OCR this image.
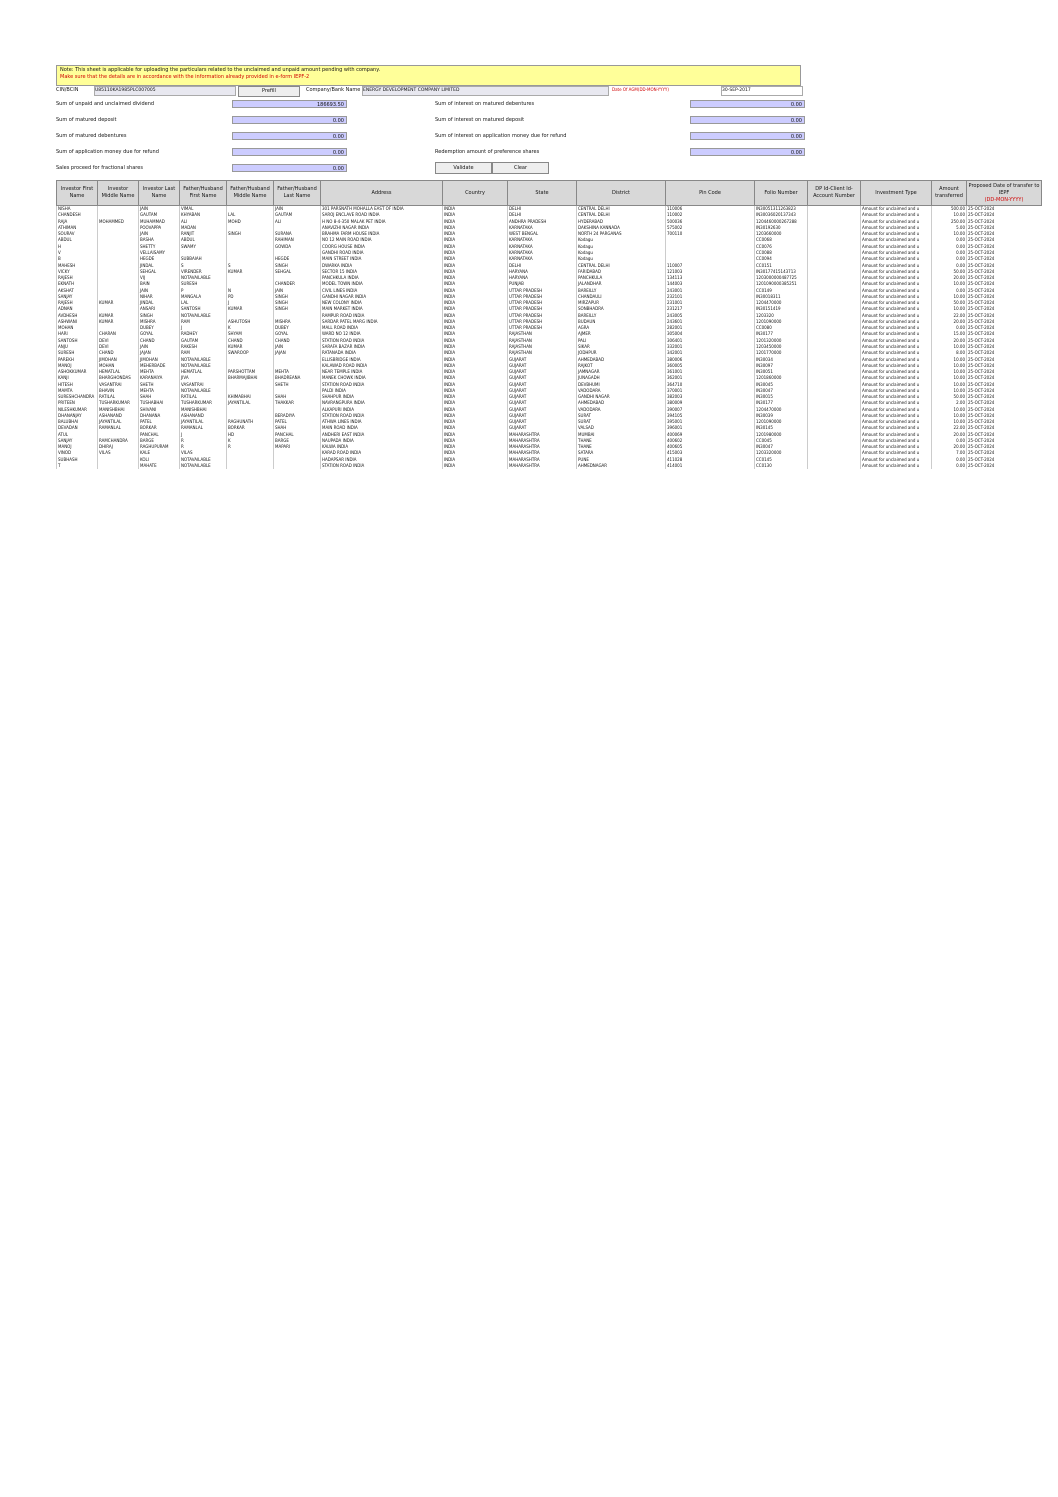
Note: This sheet is applicable for uploading the particulars related to the unclaimed and unpaid amount pending with company.
Make sure that the details are in accordance with the information already provided in e-form IEPF-2
CIN/BCIN	U85110KA1985PLC007005	Prefill	Company/Bank Name ENERGY DEVELOPMENT COMPANY LIMITED	Date Of AGM(DD-MON-YYYY)	30-SEP-2017
Sum of unpaid and unclaimed dividend	186693.50	Sum of interest on matured debentures	0.00
Sum of matured deposit	0.00	Sum of interest on matured deposit	0.00
Sum of matured debentures	0.00	Sum of interest on application money due for refund	0.00
Sum of application money due for refund	0.00	Redemption amount of preference shares	0.00
Sales proceed for fractional shares	0.00	Validate	Clear
Investor First Name	Investor Middle Name	Investor Last Name	Father/Husband First Name	Father/Husband Middle Name	Father/Husband Last Name	Address	Country	State	District	Pin Code	Folio Number	DP Id-Client Id-Account Number	Investment Type	Amount transferred	Proposed Date of transfer to IEPF
(DD-MON-YYYY)
NISHA		JAIN	VIMAL		JAIN	301 PARSNATH MOHALLA EAST OF INDIA	INDIA	DELHI	CENTRAL DELHI	110006	IN30051311263823		Amount for unclaimed and u	500.00	25-OCT-2024
CHANDESH		GAUTAM	KHYABAN	LAL	GAUTAM	SAROJ ENCLAVE ROAD INDIA	INDIA	DELHI	CENTRAL DELHI	110002	IN30036020137343		Amount for unclaimed and u	10.00	25-OCT-2024
RAJA	MOHAMMED	MUHAMMAD	ALI	MOHD	ALI	H NO 8-4-350 MALAK PET INDIA	INDIA	ANDHRA PRADESH	HYDERABAD	500036	1204460000267288		Amount for unclaimed and u	250.00	25-OCT-2024
ATHIMAN		POOVAPPA	MADAN			ANAVIZHI NAGAR INDIA	INDIA	KARNATAKA	DAKSHINA KANNADA	575002	IN30192630		Amount for unclaimed and u	5.00	25-OCT-2024
SOURAV		JAIN	RANJIT	SINGH	SURANA	BRAHMA FARM HOUSE INDIA	INDIA	WEST BENGAL	NORTH 24 PARGANAS	700110	1203660000		Amount for unclaimed and u	10.00	25-OCT-2024
ABDUL		BASHA	ABDUL		RAHIMAN	NO 12 MAIN ROAD INDIA	INDIA	KARNATAKA	Kodagu		CC0068		Amount for unclaimed and u	0.00	25-OCT-2024
H		SHETTY	SWAMY		GOWDA	COORG HOUSE INDIA	INDIA	KARNATAKA	Kodagu		CC0076		Amount for unclaimed and u	0.00	25-OCT-2024
V		VELLAISAMY				GANDHI ROAD INDIA	INDIA	KARNATAKA	Kodagu		CC0088		Amount for unclaimed and u	0.00	25-OCT-2024
B		HEGDE	SUBBAIAH		HEGDE	MAIN STREET INDIA	INDIA	KARNATAKA	Kodagu		CC0094		Amount for unclaimed and u	0.00	25-OCT-2024
MAHESH		JINDAL	S	S	SINGH	DWARKA INDIA	INDIA	DELHI	CENTRAL DELHI	110007	CC0151		Amount for unclaimed and u	0.00	25-OCT-2024
VICKY		SEHGAL	VIRENDER	KUMAR	SEHGAL	SECTOR 15 INDIA	INDIA	HARYANA	FARIDABAD	121003	IN30177415143713		Amount for unclaimed and u	50.00	25-OCT-2024
RAJESH		VIJ	NOTAVAILABLE			PANCHKULA INDIA	INDIA	HARYANA	PANCHKULA	134113	1203000000487725		Amount for unclaimed and u	20.00	25-OCT-2024
EKNATH		BAIN	SURESH		CHANDER	MODEL TOWN INDIA	INDIA	PUNJAB	JALANDHAR	144003	1201090000385251		Amount for unclaimed and u	10.00	25-OCT-2024
AKSHAT		JAIN	P	N	JAIN	CIVIL LINES INDIA	INDIA	UTTAR PRADESH	BAREILLY	243001	CC0149		Amount for unclaimed and u	0.00	25-OCT-2024
SANJAY		NIHAR	MANGALA	PD	SINGH	GANDHI NAGAR INDIA	INDIA	UTTAR PRADESH	CHANDAULI	232101	IN30018311		Amount for unclaimed and u	10.00	25-OCT-2024
RAJESH	KUMAR	JINDAL	LAL	J	SINGH	NEW COLONY INDIA	INDIA	UTTAR PRADESH	MIRZAPUR	231001	1204470000		Amount for unclaimed and u	50.00	25-OCT-2024
ADNAN		ANSARI	SANTOSH	KUMAR	SINGH	MAIN MARKET INDIA	INDIA	UTTAR PRADESH	SONBHADRA	231217	IN30151419		Amount for unclaimed and u	10.00	25-OCT-2024
AVDHESH	KUMAR	SINGH	NOTAVAILABLE			RAMPUR ROAD INDIA	INDIA	UTTAR PRADESH	BAREILLY	243005	1203320		Amount for unclaimed and u	22.00	25-OCT-2024
ASHWANI	KUMAR	MISHRA	RAM	ASHUTOSH	MISHRA	SARDAR PATEL MARG INDIA	INDIA	UTTAR PRADESH	BUDAUN	243601	1201090000		Amount for unclaimed and u	20.00	25-OCT-2024
MOHAN		DUBEY	J	K	DUBEY	MALL ROAD INDIA	INDIA	UTTAR PRADESH	AGRA	282001	CC0080		Amount for unclaimed and u	0.00	25-OCT-2024
HARI	CHARAN	GOYAL	RADHEY	SHYAM	GOYAL	WARD NO 12 INDIA	INDIA	RAJASTHAN	AJMER	305004	IN30177		Amount for unclaimed and u	15.00	25-OCT-2024
SANTOSH	DEVI	CHAND	GAUTAM	CHAND	CHAND	STATION ROAD INDIA	INDIA	RAJASTHAN	PALI	306401	1201320000		Amount for unclaimed and u	20.00	25-OCT-2024
ANJU	DEVI	JAIN	RAKESH	KUMAR	JAIN	SARAFA BAZAR INDIA	INDIA	RAJASTHAN	SIKAR	332001	1203450000		Amount for unclaimed and u	10.00	25-OCT-2024
SURESH	CHAND	JAJAN	RAM	SWAROOP	JAJAN	RATANADA INDIA	INDIA	RAJASTHAN	JODHPUR	342001	1201770000		Amount for unclaimed and u	8.00	25-OCT-2024
PAREKH	JIMOHAN	JIMOHAN	NOTAVAILABLE			ELLISBRIDGE INDIA	INDIA	GUJARAT	AHMEDABAD	380006	IN30034		Amount for unclaimed and u	10.00	25-OCT-2024
MANOJ	MOHAN	MEHERBADE	NOTAVAILABLE			KALAWAD ROAD INDIA	INDIA	GUJARAT	RAJKOT	360005	IN30097		Amount for unclaimed and u	10.00	25-OCT-2024
ASHOKKUMAR	HEMATLAL	MEHTA	HEMATLAL	PARSHOTTAM	MEHTA	NEAR TEMPLE INDIA	INDIA	GUJARAT	JAMNAGAR	361001	IN30051		Amount for unclaimed and u	10.00	25-OCT-2024
KANJI	BHARGHONDAS	KARANAIYA	JIVA	BHARMAJIBHAI	BHADREANA	MANEK CHOWK INDIA	INDIA	GUJARAT	JUNAGADH	362001	1201860000		Amount for unclaimed and u	10.00	25-OCT-2024
HITESH	VASANTRAI	SHETH	VASANTRAI		SHETH	STATION ROAD INDIA	INDIA	GUJARAT	DEVBHUMI	364710	IN30045		Amount for unclaimed and u	10.00	25-OCT-2024
MAMTA	BHAVIN	MEHTA	NOTAVAILABLE			PALDI INDIA	INDIA	GUJARAT	VADODARA	370001	IN30047		Amount for unclaimed and u	10.00	25-OCT-2024
SURESHCHANDRA	RATILAL	SHAH	RATILAL	KHIMABHAI	SHAH	SHAHPUR INDIA	INDIA	GUJARAT	GANDHI NAGAR	382003	IN30015		Amount for unclaimed and u	50.00	25-OCT-2024
PRITEEN	TUSHARKUMAR	TUSHABHAI	TUSHARKUMAR	JAYANTILAL	THAKKAR	NAVRANGPURA INDIA	INDIA	GUJARAT	AHMEDABAD	380009	IN30177		Amount for unclaimed and u	2.00	25-OCT-2024
NILESHKUMAR	MANISHBHAI	SHIVANI	MANISHBHAI			ALKAPURI INDIA	INDIA	GUJARAT	VADODARA	390007	1204470000		Amount for unclaimed and u	10.00	25-OCT-2024
DHANANJAY	ASHANAND	DHANANA	ASHANAND		BERADIYA	STATION ROAD INDIA	INDIA	GUJARAT	SURAT	394105	IN30039		Amount for unclaimed and u	10.00	25-OCT-2024
BALUBHAI	JAYANTILAL	PATEL	JAYANTILAL	RAGHUNATH	PATEL	ATHWA LINES INDIA	INDIA	GUJARAT	SURAT	395001	1201090000		Amount for unclaimed and u	10.00	25-OCT-2024
DEVADAN	RAMANLAL	BORKAR	RAMANLAL	BORKAR	SHAH	MAIN ROAD INDIA	INDIA	GUJARAT	VALSAD	396001	IN30145		Amount for unclaimed and u	22.00	25-OCT-2024
ATUL		PANCHAL	J	HD	PANCHAL	ANDHERI EAST INDIA	INDIA	MAHARASHTRA	MUMBAI	400069	1201980000		Amount for unclaimed and u	20.00	25-OCT-2024
SANJAY	RAMCHANDRA	BARGE	R	K	BARGE	NAUPADA INDIA	INDIA	MAHARASHTRA	THANE	400602	CC0045		Amount for unclaimed and u	0.00	25-OCT-2024
MANOJ	DHIRAJ	RAGHUPURAM	R	R	MAPARI	KALWA INDIA	INDIA	MAHARASHTRA	THANE	400605	IN30047		Amount for unclaimed and u	20.00	25-OCT-2024
VINOD	VILAS	KALE	VILAS			KARAD ROAD INDIA	INDIA	MAHARASHTRA	SATARA	415003	1203320000		Amount for unclaimed and u	7.00	25-OCT-2024
SUBHASH		KOLI	NOTAVAILABLE			HADAPSAR INDIA	INDIA	MAHARASHTRA	PUNE	411028	CC0145		Amount for unclaimed and u	0.00	25-OCT-2024
T		MAHATE	NOTAVAILABLE			STATION ROAD INDIA	INDIA	MAHARASHTRA	AHMEDNAGAR	414001	CC0130		Amount for unclaimed and u	0.00	25-OCT-2024
